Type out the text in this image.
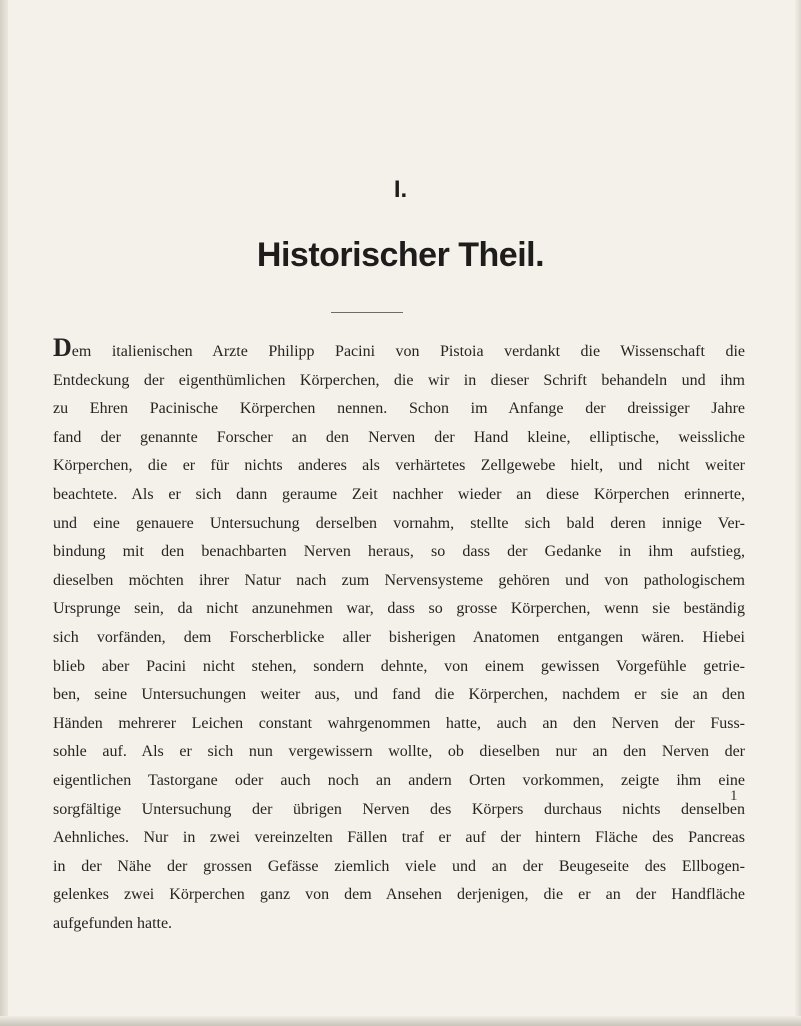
I.
Historischer Theil.
Dem italienischen Arzte Philipp Pacini von Pistoia verdankt die Wissenschaft die
Entdeckung der eigenthümlichen Körperchen, die wir in dieser Schrift behandeln und ihm
zu Ehren Pacinische Körperchen nennen. Schon im Anfange der dreissiger Jahre
fand der genannte Forscher an den Nerven der Hand kleine, elliptische, weissliche
Körperchen, die er für nichts anderes als verhärtetes Zellgewebe hielt, und nicht weiter
beachtete. Als er sich dann geraume Zeit nachher wieder an diese Körperchen erinnerte,
und eine genauere Untersuchung derselben vornahm, stellte sich bald deren innige Ver-
bindung mit den benachbarten Nerven heraus, so dass der Gedanke in ihm aufstieg,
dieselben möchten ihrer Natur nach zum Nervensysteme gehören und von pathologischem
Ursprunge sein, da nicht anzunehmen war, dass so grosse Körperchen, wenn sie beständig
sich vorfänden, dem Forscherblicke aller bisherigen Anatomen entgangen wären. Hiebei
blieb aber Pacini nicht stehen, sondern dehnte, von einem gewissen Vorgefühle getrie-
ben, seine Untersuchungen weiter aus, und fand die Körperchen, nachdem er sie an den
Händen mehrerer Leichen constant wahrgenommen hatte, auch an den Nerven der Fuss-
sohle auf. Als er sich nun vergewissern wollte, ob dieselben nur an den Nerven der
eigentlichen Tastorgane oder auch noch an andern Orten vorkommen, zeigte ihm eine
sorgfältige Untersuchung der übrigen Nerven des Körpers durchaus nichts denselben
Aehnliches. Nur in zwei vereinzelten Fällen traf er auf der hintern Fläche des Pancreas
in der Nähe der grossen Gefässe ziemlich viele und an der Beugeseite des Ellbogen-
gelenkes zwei Körperchen ganz von dem Ansehen derjenigen, die er an der Handfläche
aufgefunden hatte.
1
